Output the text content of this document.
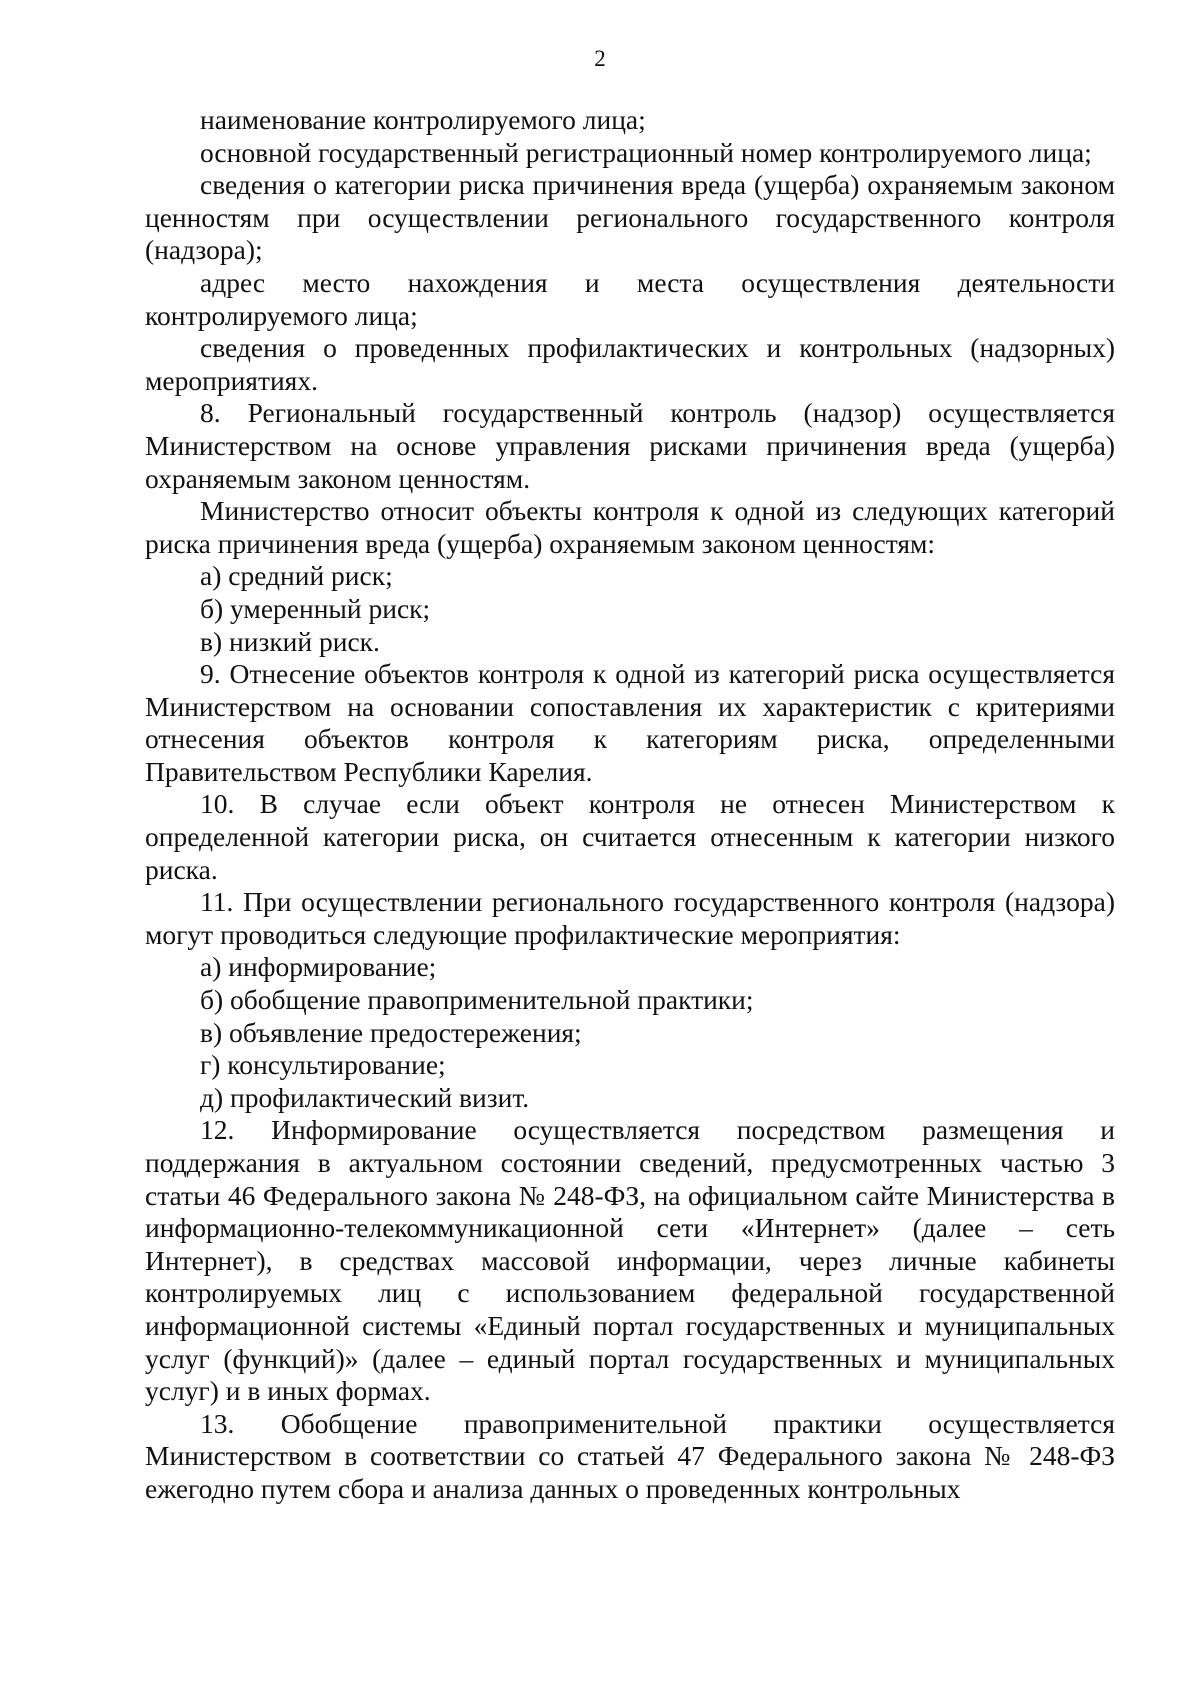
2

наименование контролируемого лица;

основной государственный регистрационный номер контролируемого лица;

сведения о категории риска причинения вреда (ущерба) охраняемым законом ценностям при осуществлении регионального государственного контроля (надзора);

адрес место нахождения и места осуществления деятельности контролируемого лица;

сведения о проведенных профилактических и контрольных (надзорных) мероприятиях.

8. Региональный государственный контроль (надзор) осуществляется Министерством на основе управления рисками причинения вреда (ущерба) охраняемым законом ценностям.

Министерство относит объекты контроля к одной из следующих категорий риска причинения вреда (ущерба) охраняемым законом ценностям:

а) средний риск;

б) умеренный риск;

в) низкий риск.

9. Отнесение объектов контроля к одной из категорий риска осуществляется Министерством на основании сопоставления их характеристик с критериями отнесения объектов контроля к категориям риска, определенными Правительством Республики Карелия.

10. В случае если объект контроля не отнесен Министерством к определенной категории риска, он считается отнесенным к категории низкого риска.

11. При осуществлении регионального государственного контроля (надзора) могут проводиться следующие профилактические мероприятия:

а) информирование;

б) обобщение правоприменительной практики;

в) объявление предостережения;

г) консультирование;

д) профилактический визит.

12. Информирование осуществляется посредством размещения и поддержания в актуальном состоянии сведений, предусмотренных частью 3 статьи 46 Федерального закона № 248-ФЗ, на официальном сайте Министерства в информационно-телекоммуникационной сети «Интернет» (далее – сеть Интернет), в средствах массовой информации, через личные кабинеты контролируемых лиц с использованием федеральной государственной информационной системы «Единый портал государственных и муниципальных услуг (функций)» (далее – единый портал государственных и муниципальных услуг) и в иных формах.

13. Обобщение правоприменительной практики осуществляется Министерством в соответствии со статьей 47 Федерального закона № 248-ФЗ ежегодно путем сбора и анализа данных о проведенных контрольных
